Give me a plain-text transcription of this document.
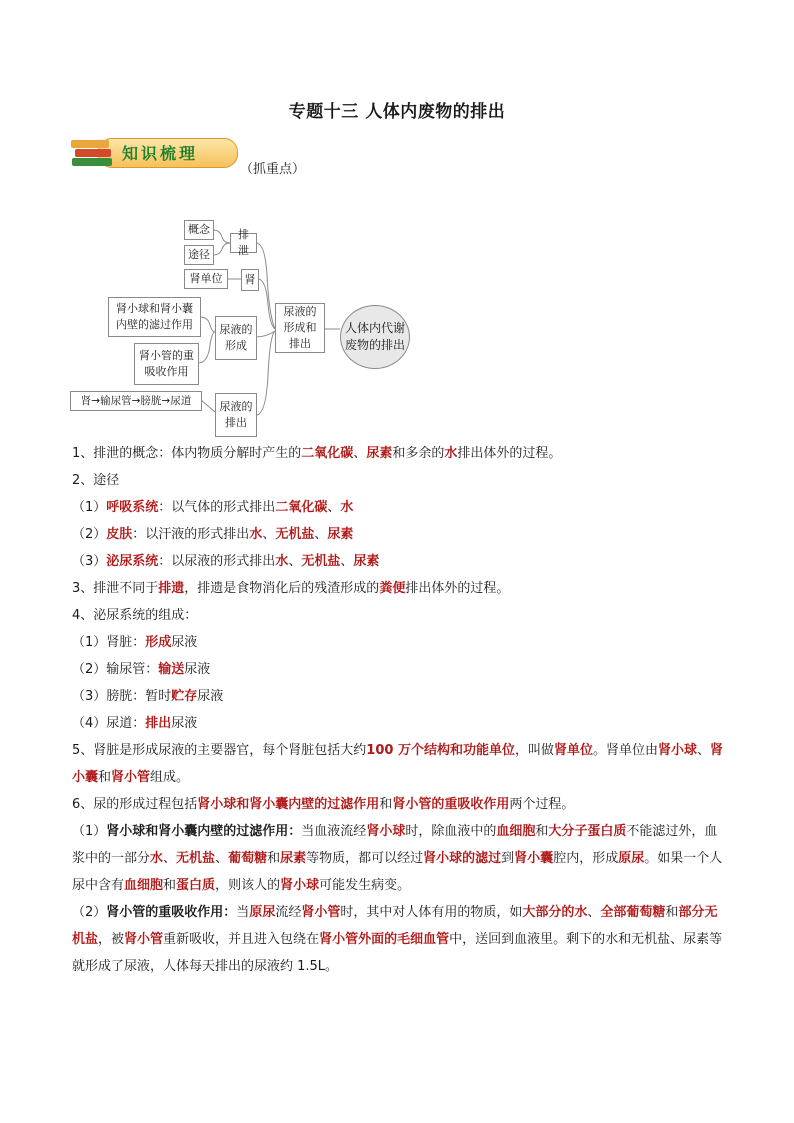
专题十三 人体内废物的排出
知识梳理
（抓重点）
概念
途径
排泄
肾单位	肾
肾小球和肾小囊内壁的滤过作用
肾小管的重吸收作用
尿液的形成
肾→输尿管→膀胱→尿道	尿液的排出
尿液的形成和排出
人体内代谢废物的排出

1、排泄的概念：体内物质分解时产生的二氧化碳、尿素和多余的水排出体外的过程。

2、途径

（1）呼吸系统：以气体的形式排出二氧化碳、水

（2）皮肤：以汗液的形式排出水、无机盐、尿素

（3）泌尿系统：以尿液的形式排出水、无机盐、尿素

3、排泄不同于排遗，排遗是食物消化后的残渣形成的粪便排出体外的过程。

4、泌尿系统的组成：

（1）肾脏：形成尿液

（2）输尿管：输送尿液

（3）膀胱：暂时贮存尿液

（4）尿道：排出尿液

5、肾脏是形成尿液的主要器官，每个肾脏包括大约100 万个结构和功能单位，叫做肾单位。肾单位由肾小球、肾小囊和肾小管组成。

6、尿的形成过程包括肾小球和肾小囊内壁的过滤作用和肾小管的重吸收作用两个过程。

（1）肾小球和肾小囊内壁的过滤作用：当血液流经肾小球时，除血液中的血细胞和大分子蛋白质不能滤过外，血浆中的一部分水、无机盐、葡萄糖和尿素等物质，都可以经过肾小球的滤过到肾小囊腔内，形成原尿。如果一个人尿中含有血细胞和蛋白质，则该人的肾小球可能发生病变。

（2）肾小管的重吸收作用：当原尿流经肾小管时，其中对人体有用的物质，如大部分的水、全部葡萄糖和部分无机盐，被肾小管重新吸收，并且进入包绕在肾小管外面的毛细血管中，送回到血液里。剩下的水和无机盐、尿素等就形成了尿液，人体每天排出的尿液约 1.5L。
